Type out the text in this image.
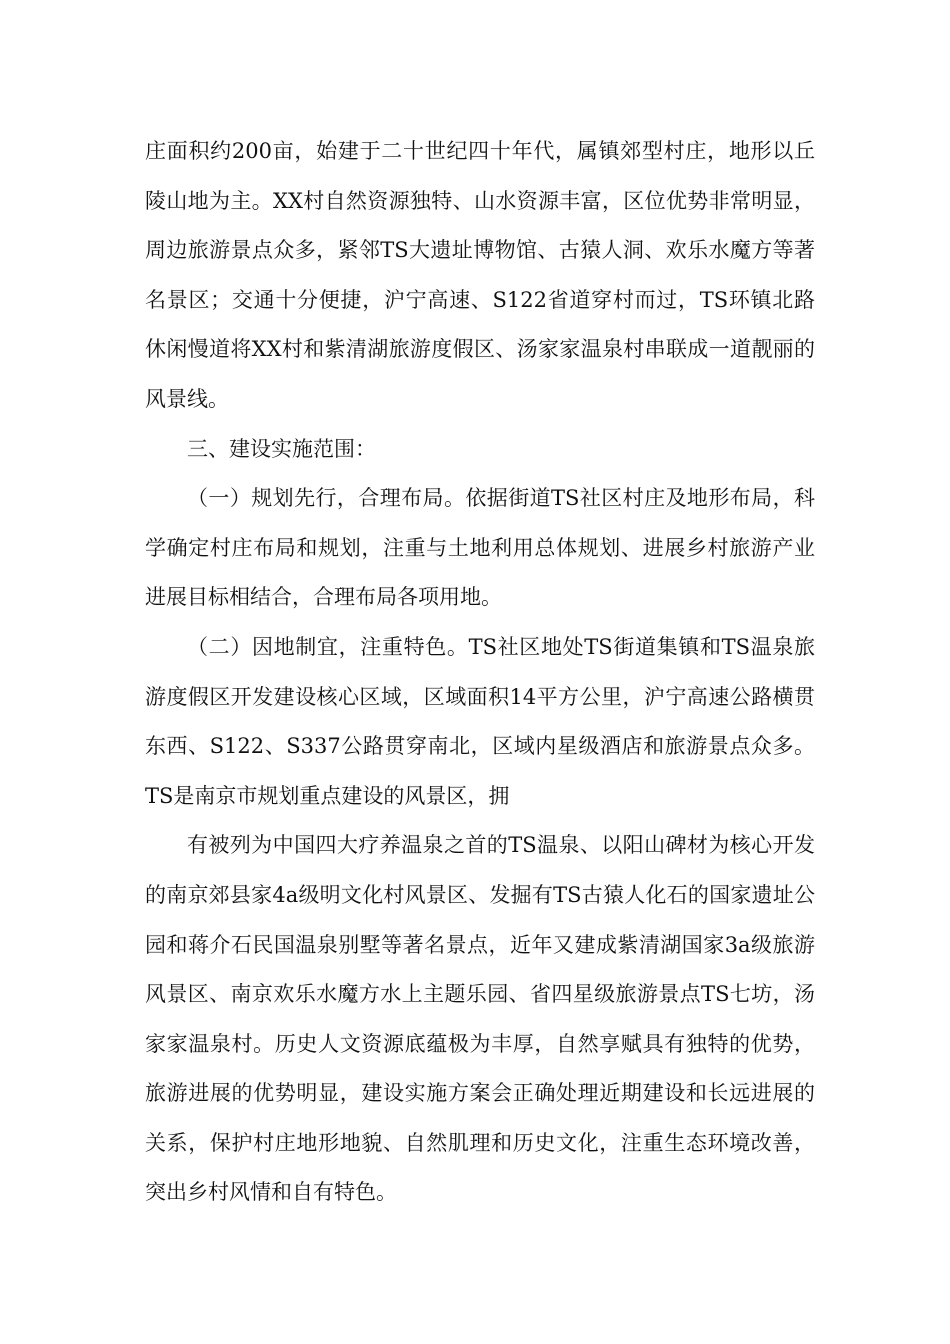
庄面积约200亩，始建于二十世纪四十年代，属镇郊型村庄，地形以丘陵山地为主。XX村自然资源独特、山水资源丰富，区位优势非常明显，周边旅游景点众多，紧邻TS大遗址博物馆、古猿人洞、欢乐水魔方等著名景区；交通十分便捷，沪宁高速、S122省道穿村而过，TS环镇北路休闲慢道将XX村和紫清湖旅游度假区、汤家家温泉村串联成一道靓丽的风景线。

三、建设实施范围：

（一）规划先行，合理布局。依据街道TS社区村庄及地形布局，科学确定村庄布局和规划，注重与土地利用总体规划、进展乡村旅游产业进展目标相结合，合理布局各项用地。

（二）因地制宜，注重特色。TS社区地处TS街道集镇和TS温泉旅游度假区开发建设核心区域，区域面积14平方公里，沪宁高速公路横贯东西、S122、S337公路贯穿南北，区域内星级酒店和旅游景点众多。TS是南京市规划重点建设的风景区，拥

有被列为中国四大疗养温泉之首的TS温泉、以阳山碑材为核心开发的南京郊县家4a级明文化村风景区、发掘有TS古猿人化石的国家遗址公园和蒋介石民国温泉别墅等著名景点，近年又建成紫清湖国家3a级旅游风景区、南京欢乐水魔方水上主题乐园、省四星级旅游景点TS七坊，汤家家温泉村。历史人文资源底蕴极为丰厚，自然享赋具有独特的优势，旅游进展的优势明显，建设实施方案会正确处理近期建设和长远进展的关系，保护村庄地形地貌、自然肌理和历史文化，注重生态环境改善，突出乡村风情和自有特色。
